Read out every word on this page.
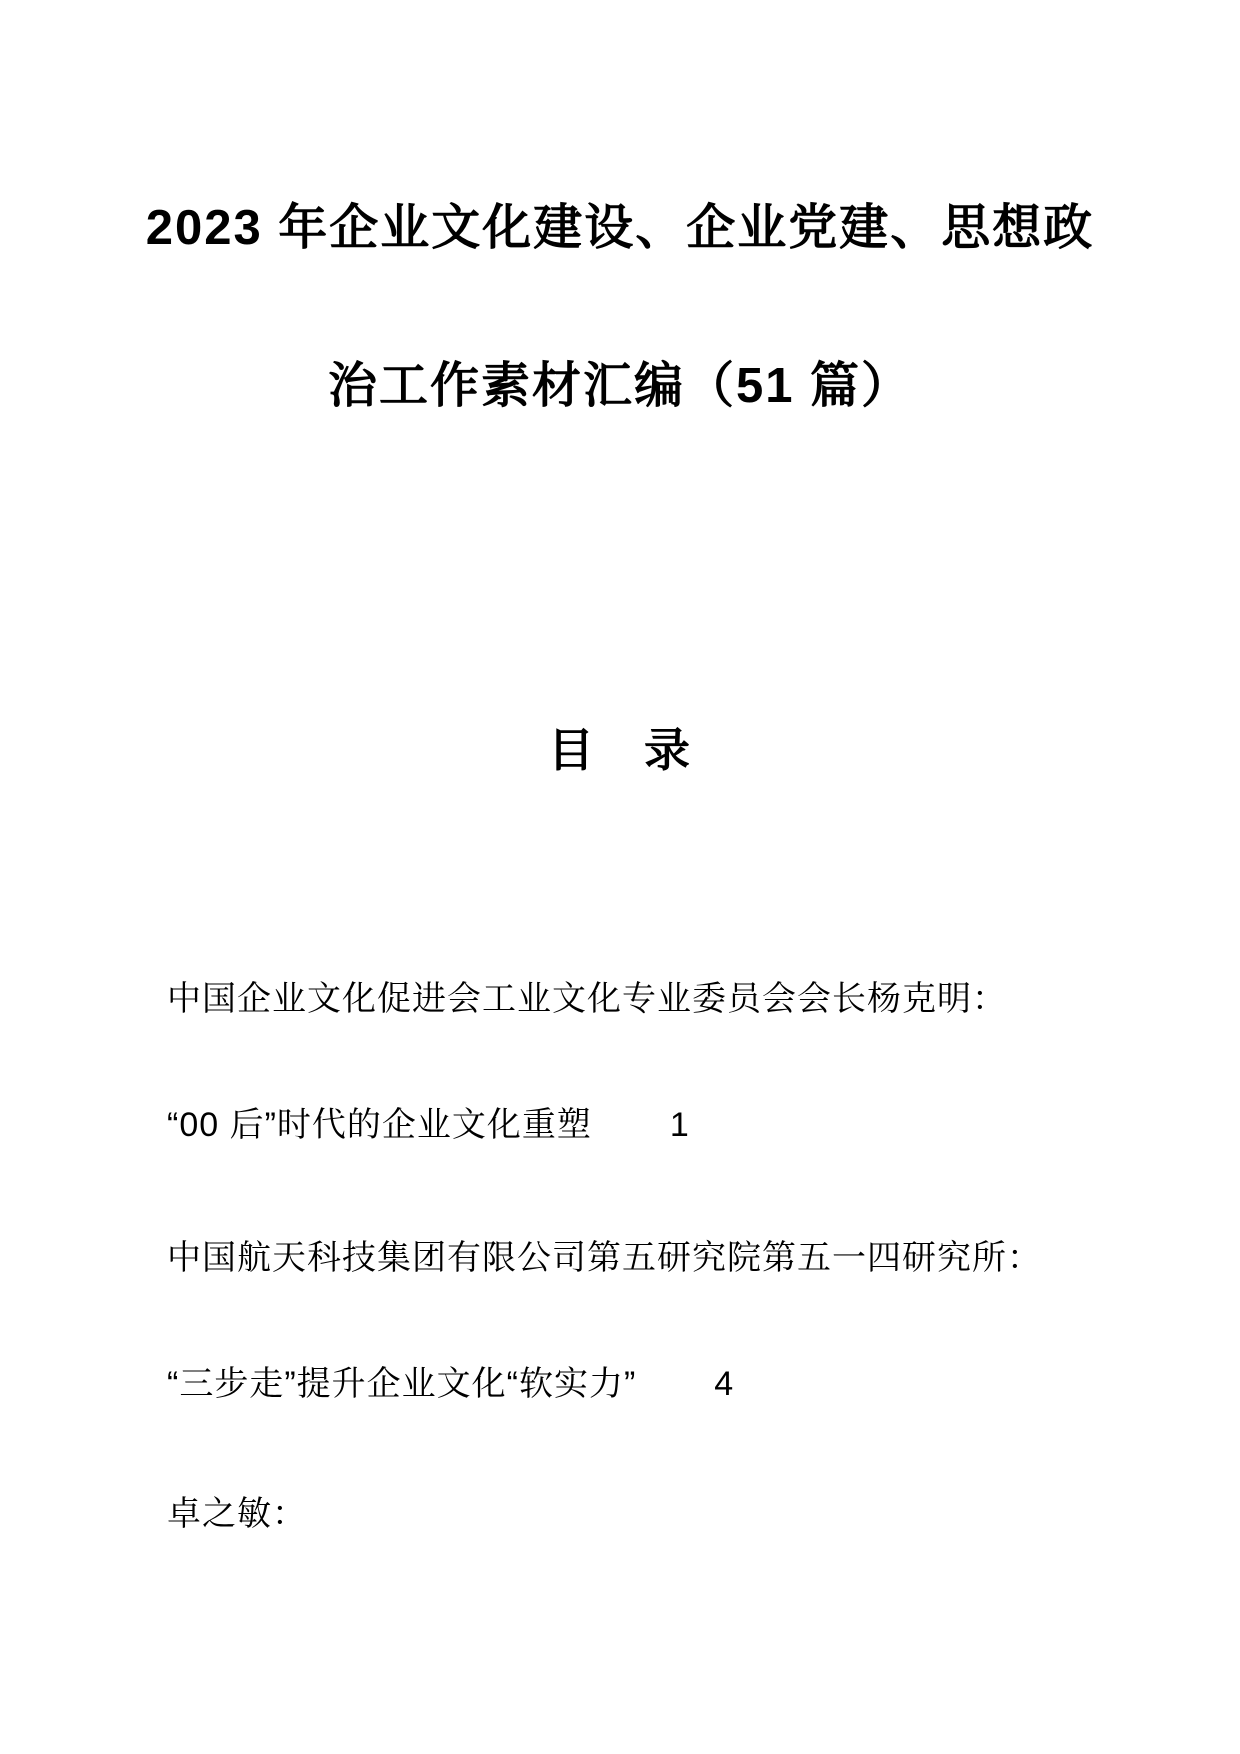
2023 年企业文化建设、企业党建、思想政
治工作素材汇编（51 篇）
目　录
中国企业文化促进会工业文化专业委员会会长杨克明：
“00 后”时代的企业文化重塑 1
中国航天科技集团有限公司第五研究院第五一四研究所：
“三步走”提升企业文化“软实力” 4
卓之敏：
